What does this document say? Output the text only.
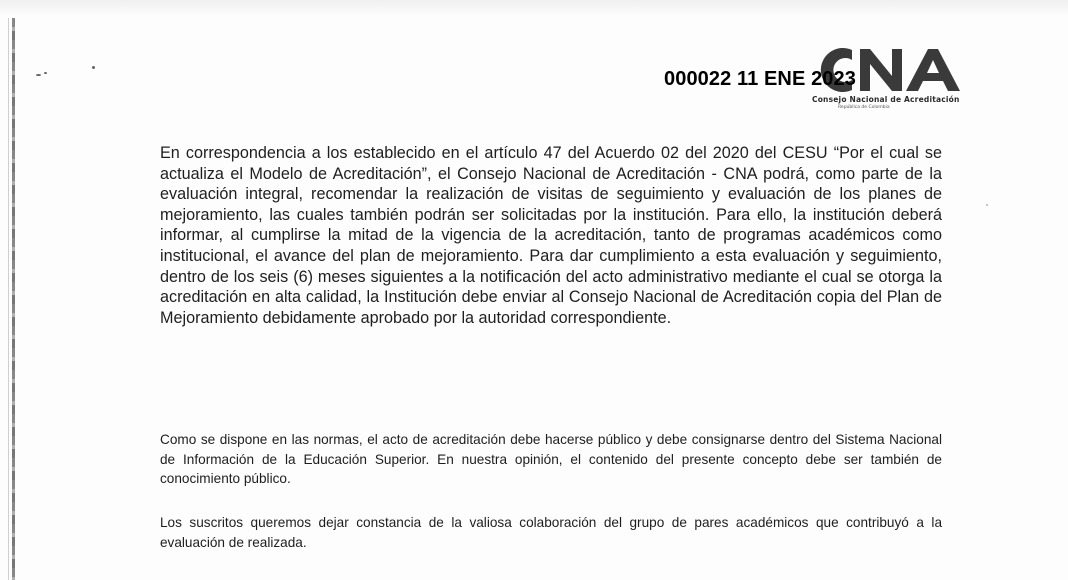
Consejo Nacional de Acreditación
República de Colombia
000022 11 ENE 2023

En correspondencia a los establecido en el artículo 47 del Acuerdo 02 del 2020 del CESU “Por el cual se actualiza el Modelo de Acreditación”, el Consejo Nacional de Acreditación - CNA podrá, como parte de la evaluación integral, recomendar la realización de visitas de seguimiento y evaluación de los planes de mejoramiento, las cuales también podrán ser solicitadas por la institución. Para ello, la institución deberá informar, al cumplirse la mitad de la vigencia de la acreditación, tanto de programas académicos como institucional, el avance del plan de mejoramiento. Para dar cumplimiento a esta evaluación y seguimiento, dentro de los seis (6) meses siguientes a la notificación del acto administrativo mediante el cual se otorga la acreditación en alta calidad, la Institución debe enviar al Consejo Nacional de Acreditación copia del Plan de Mejoramiento debidamente aprobado por la autoridad correspondiente.

Como se dispone en las normas, el acto de acreditación debe hacerse público y debe consignarse dentro del Sistema Nacional de Información de la Educación Superior. En nuestra opinión, el contenido del presente concepto debe ser también de conocimiento público.

Los suscritos queremos dejar constancia de la valiosa colaboración del grupo de pares académicos que contribuyó a la evaluación de realizada.
